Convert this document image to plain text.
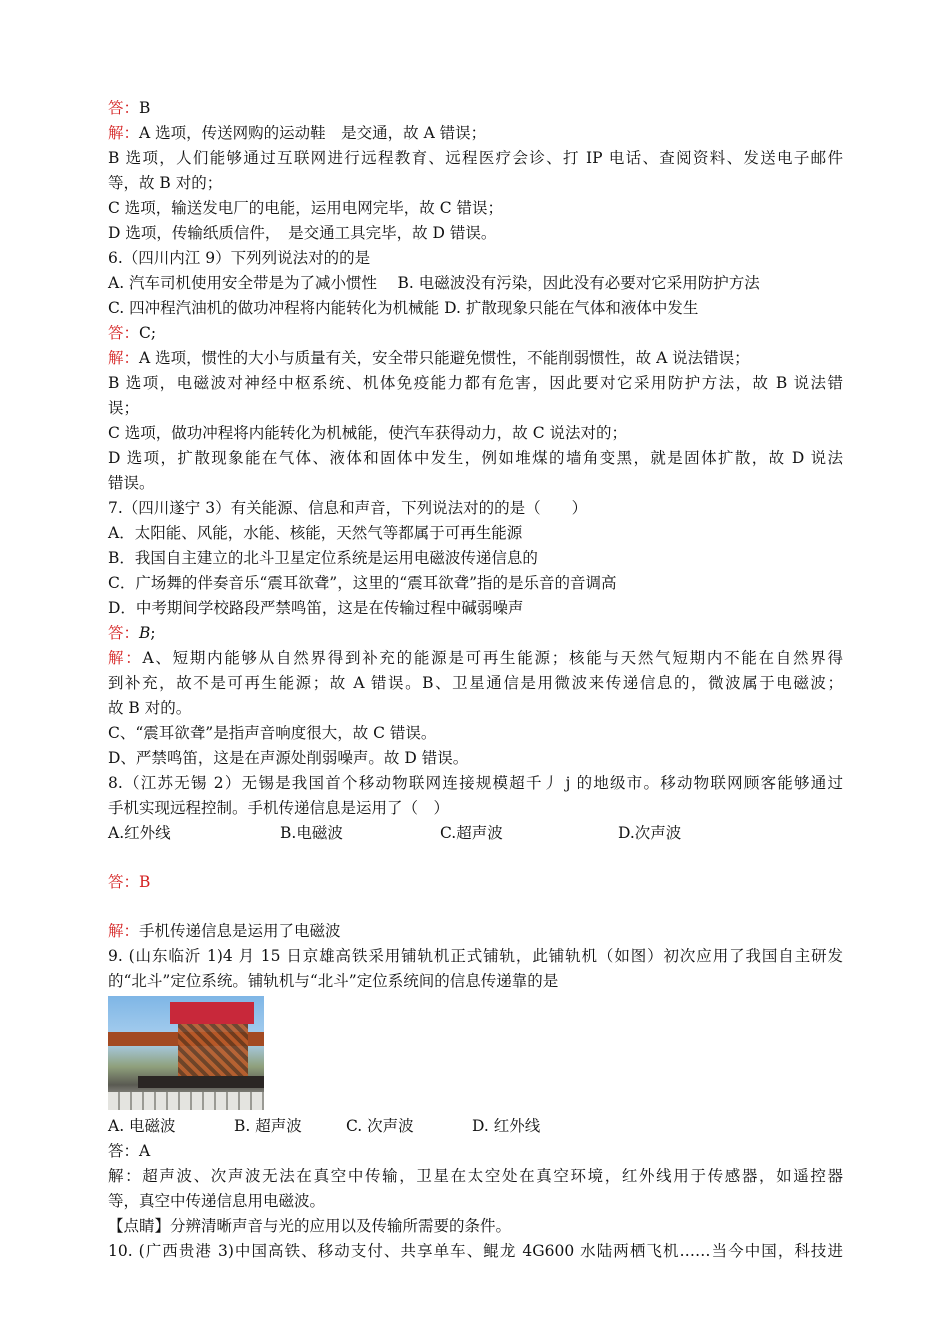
答：B
解：A 选项，传送网购的运动鞋　是交通，故 A 错误；
B 选项，人们能够通过互联网进行远程教育、远程医疗会诊、打 IP 电话、查阅资料、发送电子邮件
等，故 B 对的；
C 选项，输送发电厂的电能，运用电网完毕，故 C 错误；
D 选项，传输纸质信件，　是交通工具完毕，故 D 错误。
6.（四川内江 9）下列列说法对的的是
A. 汽车司机使用安全带是为了减小惯性　 B. 电磁波没有污染，因此没有必要对它采用防护方法
C. 四冲程汽油机的做功冲程将内能转化为机械能 D. 扩散现象只能在气体和液体中发生
答：C;
解：A 选项，惯性的大小与质量有关，安全带只能避免惯性，不能削弱惯性，故 A 说法错误；
B 选项，电磁波对神经中枢系统、机体免疫能力都有危害，因此要对它采用防护方法，故 B 说法错
误；
C 选项，做功冲程将内能转化为机械能，使汽车获得动力，故 C 说法对的；
D 选项，扩散现象能在气体、液体和固体中发生，例如堆煤的墙角变黑，就是固体扩散，故 D 说法
错误。
7.（四川遂宁 3）有关能源、信息和声音，下列说法对的的是（　　）
A．太阳能、风能，水能、核能，天然气等都属于可再生能源
B．我国自主建立的北斗卫星定位系统是运用电磁波传递信息的
C．广场舞的伴奏音乐“震耳欲聋”，这里的“震耳欲聋”指的是乐音的音调高
D．中考期间学校路段严禁鸣笛，这是在传输过程中碱弱噪声
答：B;
解：A、短期内能够从自然界得到补充的能源是可再生能源；核能与天然气短期内不能在自然界得
到补充，故不是可再生能源；故 A 错误。B、卫星通信是用微波来传递信息的，微波属于电磁波；
故 B 对的。
C、“震耳欲聋”是指声音响度很大，故 C 错误。
D、严禁鸣笛，这是在声源处削弱噪声。故 D 错误。
8.（江苏无锡 2）无锡是我国首个移动物联网连接规模超千丿 j 的地级市。移动物联网顾客能够通过
手机实现远程控制。手机传递信息是运用了（　）
A.红外线	B.电磁波	C.超声波	D.次声波
答：B
解：手机传递信息是运用了电磁波
9. (山东临沂 1)4 月 15 日京雄高铁采用铺轨机正式铺轨，此铺轨机（如图）初次应用了我国自主研发
的“北斗”定位系统。铺轨机与“北斗”定位系统间的信息传递靠的是
A. 电磁波	B. 超声波	C. 次声波	D. 红外线
答：A
解：超声波、次声波无法在真空中传输，卫星在太空处在真空环境，红外线用于传感器，如遥控器
等，真空中传递信息用电磁波。
【点睛】分辨清晰声音与光的应用以及传输所需要的条件。
10. (广西贵港 3)中国高铁、移动支付、共享单车、鲲龙 4G600 水陆两栖飞机……当今中国，科技进
